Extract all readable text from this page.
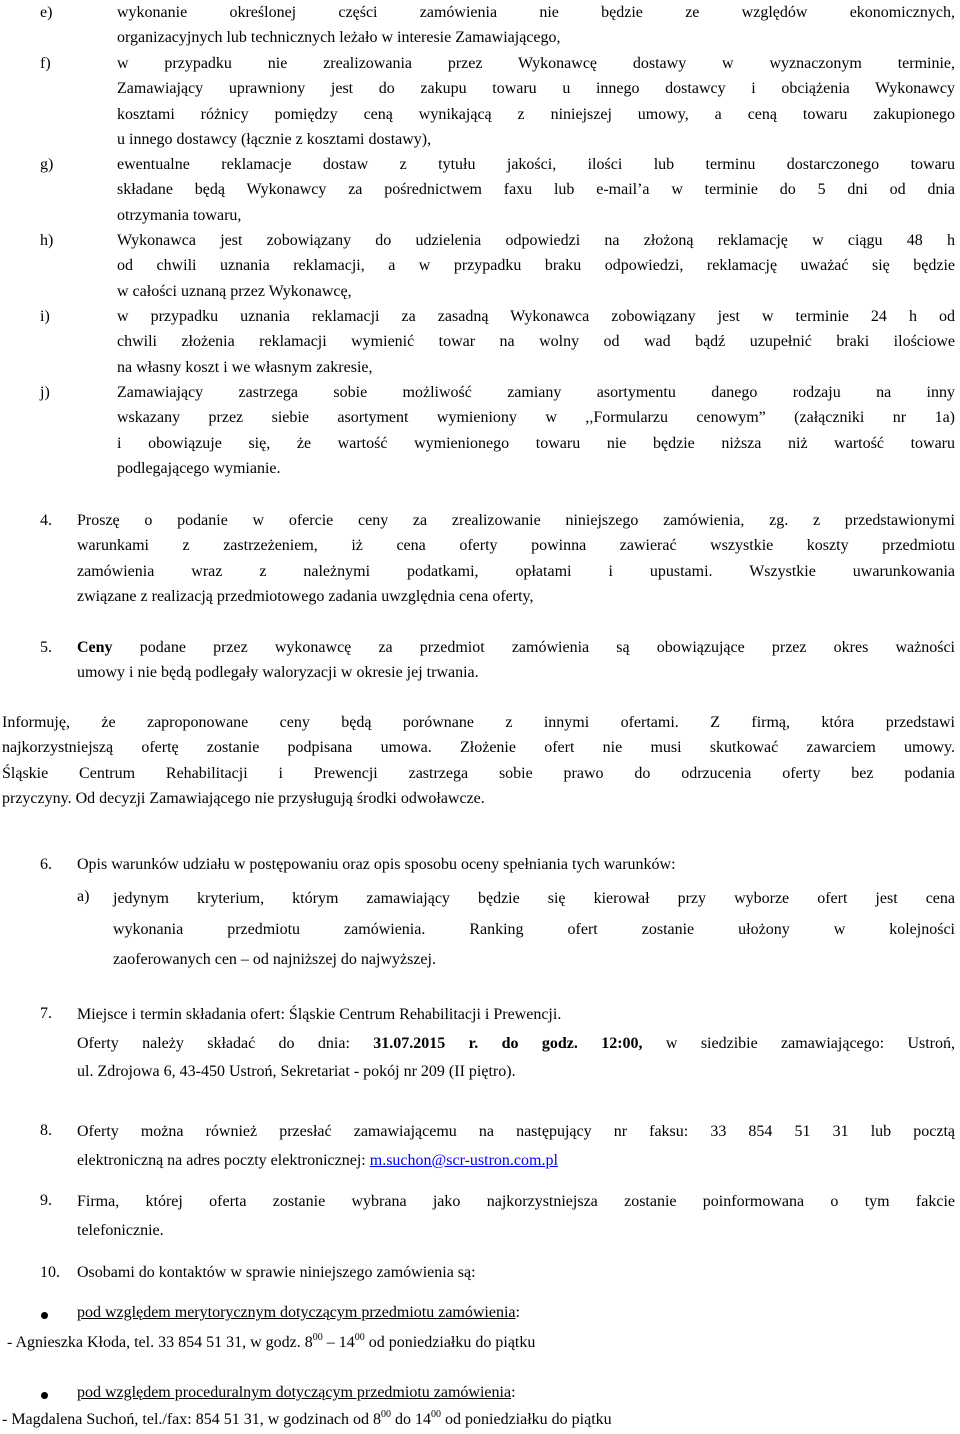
e)	wykonanie określonej części zamówienia nie będzie ze względów ekonomicznych,
organizacyjnych lub technicznych leżało w interesie Zamawiającego,
f)	w przypadku nie zrealizowania przez Wykonawcę dostawy w wyznaczonym terminie,
Zamawiający uprawniony jest do zakupu towaru u innego dostawcy i obciążenia Wykonawcy
kosztami różnicy pomiędzy ceną wynikającą z niniejszej umowy, a ceną towaru zakupionego
u innego dostawcy (łącznie z kosztami dostawy),
g)	ewentualne reklamacje dostaw z tytułu jakości, ilości lub terminu dostarczonego towaru
składane będą Wykonawcy za pośrednictwem faxu lub e-mail’a w terminie do 5 dni od dnia
otrzymania towaru,
h)	Wykonawca jest zobowiązany do udzielenia odpowiedzi na złożoną reklamację w ciągu 48 h
od chwili uznania reklamacji, a w przypadku braku odpowiedzi, reklamację uważać się będzie
w całości uznaną przez Wykonawcę,
i)	w przypadku uznania reklamacji za zasadną Wykonawca zobowiązany jest w terminie 24 h od
chwili złożenia reklamacji wymienić towar na wolny od wad bądź uzupełnić braki ilościowe
na własny koszt i we własnym zakresie,
j)	Zamawiający zastrzega sobie możliwość zamiany asortymentu danego rodzaju na inny
wskazany przez siebie asortyment wymieniony w ,,Formularzu cenowym” (załączniki nr 1a)
i obowiązuje się, że wartość wymienionego towaru nie będzie niższa niż wartość towaru
podlegającego wymianie.
4. Proszę o podanie w ofercie ceny za zrealizowanie niniejszego zamówienia, zg. z przedstawionymi
warunkami z zastrzeżeniem, iż cena oferty powinna zawierać wszystkie koszty przedmiotu
zamówienia wraz z należnymi podatkami, opłatami i upustami. Wszystkie uwarunkowania
związane z realizacją przedmiotowego zadania uwzględnia cena oferty,
5. Ceny podane przez wykonawcę za przedmiot zamówienia są obowiązujące przez okres ważności
umowy i nie będą podlegały waloryzacji w okresie jej trwania.
Informuję, że zaproponowane ceny będą porównane z innymi ofertami. Z firmą, która przedstawi
najkorzystniejszą ofertę zostanie podpisana umowa. Złożenie ofert nie musi skutkować zawarciem umowy.
Śląskie Centrum Rehabilitacji i Prewencji zastrzega sobie prawo do odrzucenia oferty bez podania
przyczyny. Od decyzji Zamawiającego nie przysługują środki odwoławcze.
6. Opis warunków udziału w postępowaniu oraz opis sposobu oceny spełniania tych warunków:
a) jedynym kryterium, którym zamawiający będzie się kierował przy wyborze ofert jest cena
wykonania przedmiotu zamówienia. Ranking ofert zostanie ułożony w kolejności
zaoferowanych cen – od najniższej do najwyższej.
7. Miejsce i termin składania ofert: Śląskie Centrum Rehabilitacji i Prewencji.
Oferty należy składać do dnia: 31.07.2015 r. do godz. 12:00, w siedzibie zamawiającego: Ustroń,
ul. Zdrojowa 6, 43-450 Ustroń, Sekretariat - pokój nr 209 (II piętro).
8. Oferty można również przesłać zamawiającemu na następujący nr faksu: 33 854 51 31 lub pocztą
elektroniczną na adres poczty elektronicznej: m.suchon@scr-ustron.com.pl
9. Firma, której oferta zostanie wybrana jako najkorzystniejsza zostanie poinformowana o tym fakcie
telefonicznie.
10. Osobami do kontaktów w sprawie niniejszego zamówienia są:
pod względem merytorycznym dotyczącym przedmiotu zamówienia:
- Agnieszka Kłoda, tel. 33 854 51 31, w godz. $8^{00} - 14^{00}$ od poniedziałku do piątku
pod względem proceduralnym dotyczącym przedmiotu zamówienia:
- Magdalena Suchoń, tel./fax: 854 51 31, w godzinach od $8^{00}$ do $14^{00}$ od poniedziałku do piątku
